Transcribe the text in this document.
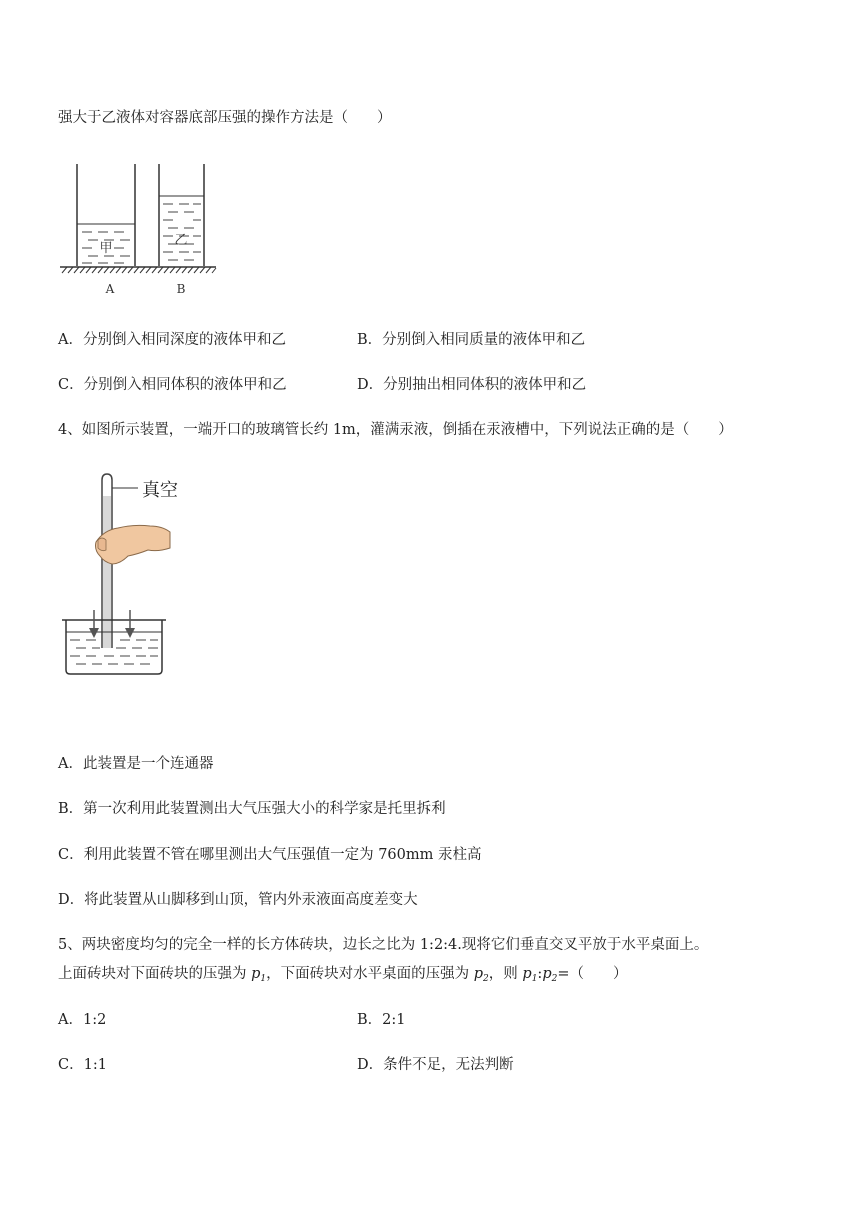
强大于乙液体对容器底部压强的操作方法是（　　）
甲
乙
A	B
A．分别倒入相同深度的液体甲和乙	B．分别倒入相同质量的液体甲和乙
C．分别倒入相同体积的液体甲和乙	D．分别抽出相同体积的液体甲和乙
4、如图所示装置，一端开口的玻璃管长约 1m，灌满汞液，倒插在汞液槽中，下列说法正确的是（　　）
真空
A．此装置是一个连通器
B．第一次利用此装置测出大气压强大小的科学家是托里拆利
C．利用此装置不管在哪里测出大气压强值一定为 760mm 汞柱高
D．将此装置从山脚移到山顶，管内外汞液面高度差变大
5、两块密度均匀的完全一样的长方体砖块，边长之比为 1:2:4.现将它们垂直交叉平放于水平桌面上。
上面砖块对下面砖块的压强为 $p_1$，下面砖块对水平桌面的压强为 $p_2$，则 $p_1:p_2=$（　　）
A．1:2	B．2:1
C．1:1	D．条件不足，无法判断
